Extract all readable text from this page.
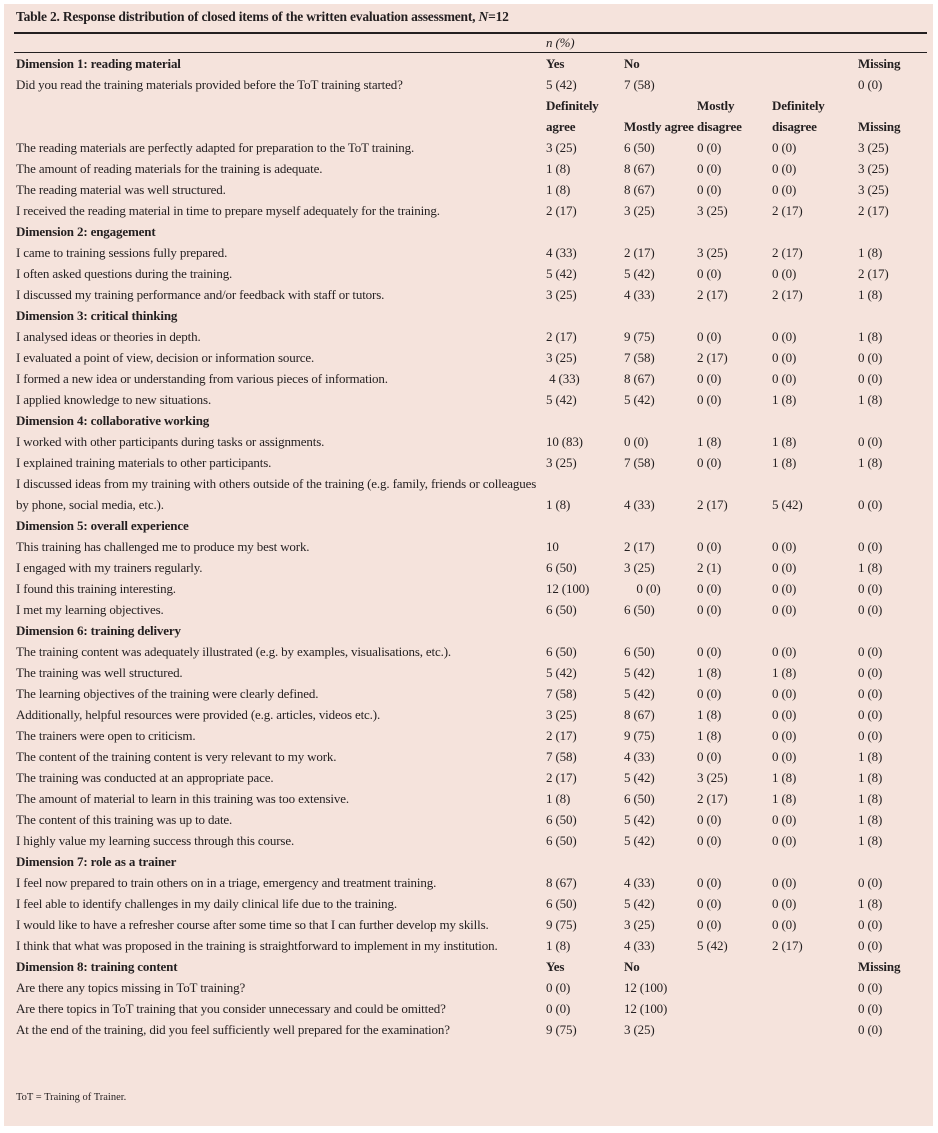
Table 2. Response distribution of closed items of the written evaluation assessment, N=12
	n (%)				
Dimension 1: reading material	Yes	No			Missing
Did you read the training materials provided before the ToT training started?	5 (42)	7 (58)			0 (0)
	Definitely agree	Mostly agree	Mostly disagree	Definitely disagree	Missing
The reading materials are perfectly adapted for preparation to the ToT training.	3 (25)	6 (50)	0 (0)	0 (0)	3 (25)
The amount of reading materials for the training is adequate.	1 (8)	8 (67)	0 (0)	0 (0)	3 (25)
The reading material was well structured.	1 (8)	8 (67)	0 (0)	0 (0)	3 (25)
I received the reading material in time to prepare myself adequately for the training.	2 (17)	3 (25)	3 (25)	2 (17)	2 (17)
Dimension 2: engagement					
I came to training sessions fully prepared.	4 (33)	2 (17)	3 (25)	2 (17)	1 (8)
I often asked questions during the training.	5 (42)	5 (42)	0 (0)	0 (0)	2 (17)
I discussed my training performance and/or feedback with staff or tutors.	3 (25)	4 (33)	2 (17)	2 (17)	1 (8)
Dimension 3: critical thinking					
I analysed ideas or theories in depth.	2 (17)	9 (75)	0 (0)	0 (0)	1 (8)
I evaluated a point of view, decision or information source.	3 (25)	7 (58)	2 (17)	0 (0)	0 (0)
I formed a new idea or understanding from various pieces of information.	4 (33)	8 (67)	0 (0)	0 (0)	0 (0)
I applied knowledge to new situations.	5 (42)	5 (42)	0 (0)	1 (8)	1 (8)
Dimension 4: collaborative working					
I worked with other participants during tasks or assignments.	10 (83)	0 (0)	1 (8)	1 (8)	0 (0)
I explained training materials to other participants.	3 (25)	7 (58)	0 (0)	1 (8)	1 (8)
I discussed ideas from my training with others outside of the training (e.g. family, friends or colleagues by phone, social media, etc.).	1 (8)	4 (33)	2 (17)	5 (42)	0 (0)
Dimension 5: overall experience					
This training has challenged me to produce my best work.	10	2 (17)	0 (0)	0 (0)	0 (0)
I engaged with my trainers regularly.	6 (50)	3 (25)	2 (1)	0 (0)	1 (8)
I found this training interesting.	12 (100)	0 (0)	0 (0)	0 (0)	0 (0)
I met my learning objectives.	6 (50)	6 (50)	0 (0)	0 (0)	0 (0)
Dimension 6: training delivery					
The training content was adequately illustrated (e.g. by examples, visualisations, etc.).	6 (50)	6 (50)	0 (0)	0 (0)	0 (0)
The training was well structured.	5 (42)	5 (42)	1 (8)	1 (8)	0 (0)
The learning objectives of the training were clearly defined.	7 (58)	5 (42)	0 (0)	0 (0)	0 (0)
Additionally, helpful resources were provided (e.g. articles, videos etc.).	3 (25)	8 (67)	1 (8)	0 (0)	0 (0)
The trainers were open to criticism.	2 (17)	9 (75)	1 (8)	0 (0)	0 (0)
The content of the training content is very relevant to my work.	7 (58)	4 (33)	0 (0)	0 (0)	1 (8)
The training was conducted at an appropriate pace.	2 (17)	5 (42)	3 (25)	1 (8)	1 (8)
The amount of material to learn in this training was too extensive.	1 (8)	6 (50)	2 (17)	1 (8)	1 (8)
The content of this training was up to date.	6 (50)	5 (42)	0 (0)	0 (0)	1 (8)
I highly value my learning success through this course.	6 (50)	5 (42)	0 (0)	0 (0)	1 (8)
Dimension 7: role as a trainer					
I feel now prepared to train others on in a triage, emergency and treatment training.	8 (67)	4 (33)	0 (0)	0 (0)	0 (0)
I feel able to identify challenges in my daily clinical life due to the training.	6 (50)	5 (42)	0 (0)	0 (0)	1 (8)
I would like to have a refresher course after some time so that I can further develop my skills.	9 (75)	3 (25)	0 (0)	0 (0)	0 (0)
I think that what was proposed in the training is straightforward to implement in my institution.	1 (8)	4 (33)	5 (42)	2 (17)	0 (0)
Dimension 8: training content	Yes	No			Missing
Are there any topics missing in ToT training?	0 (0)	12 (100)			0 (0)
Are there topics in ToT training that you consider unnecessary and could be omitted?	0 (0)	12 (100)			0 (0)
At the end of the training, did you feel sufficiently well prepared for the examination?	9 (75)	3 (25)			0 (0)
ToT = Training of Trainer.
